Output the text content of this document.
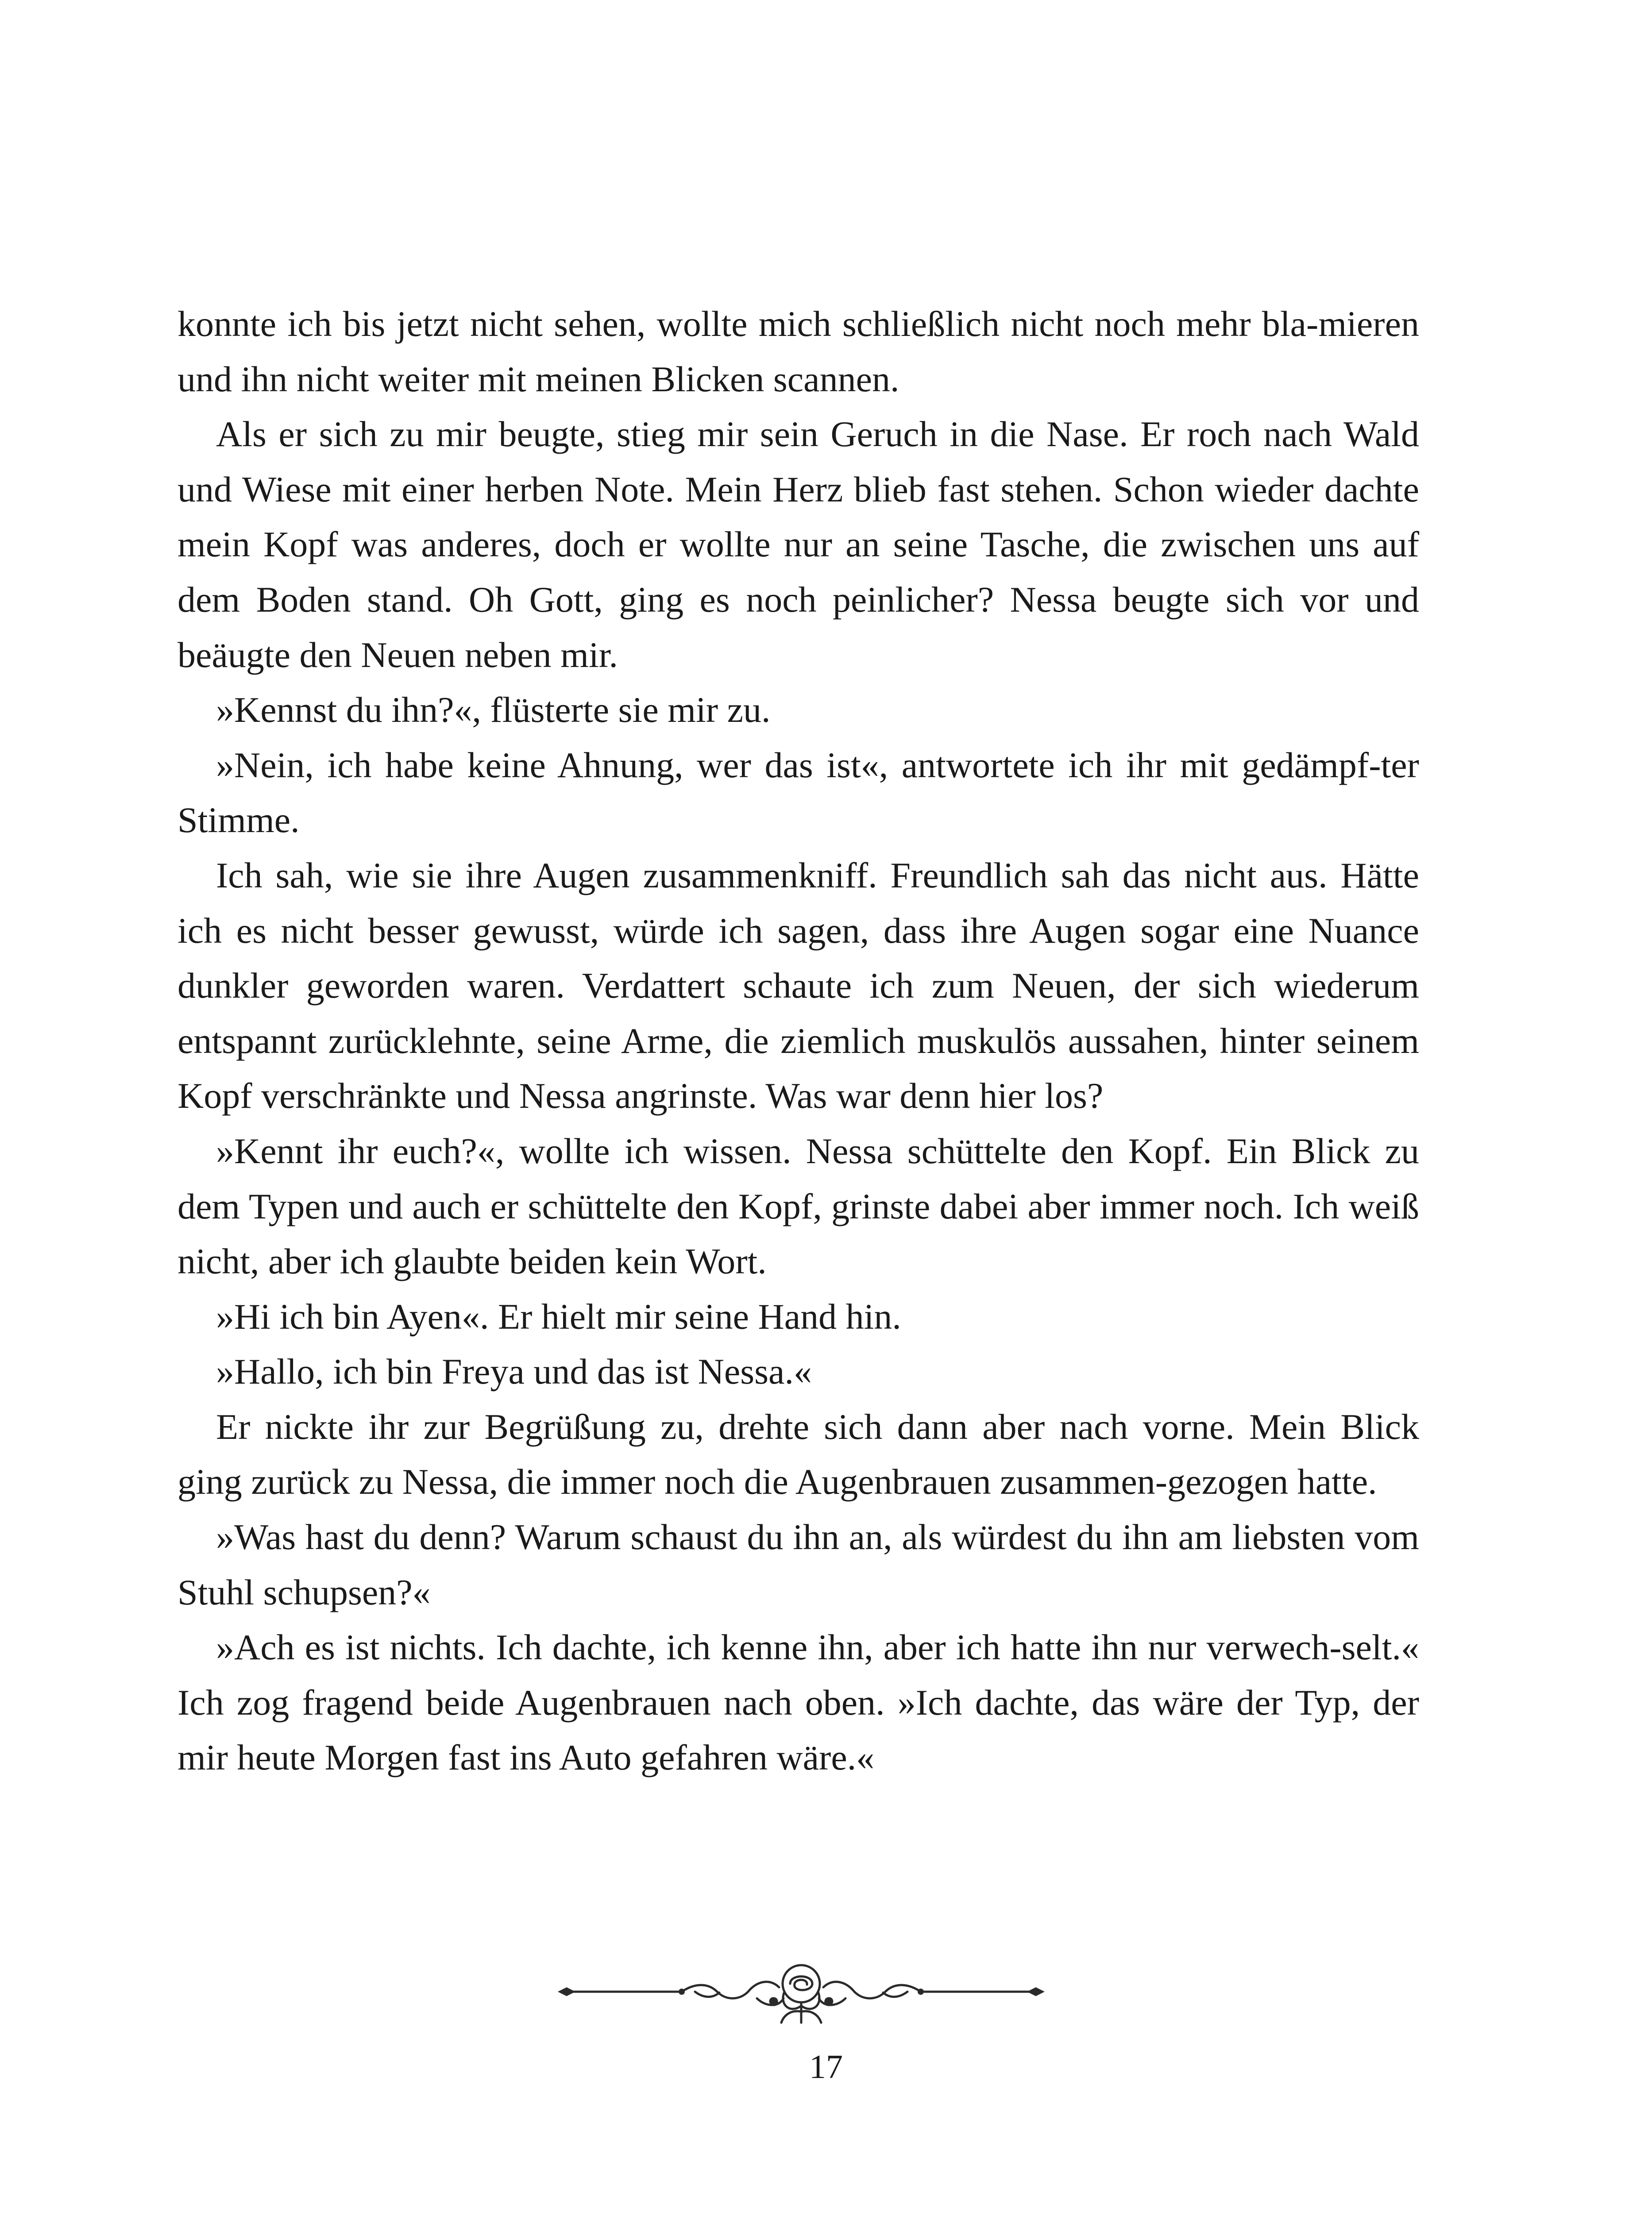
konnte ich bis jetzt nicht sehen, wollte mich schließlich nicht noch mehr bla-mieren und ihn nicht weiter mit meinen Blicken scannen.

Als er sich zu mir beugte, stieg mir sein Geruch in die Nase. Er roch nach Wald und Wiese mit einer herben Note. Mein Herz blieb fast stehen. Schon wieder dachte mein Kopf was anderes, doch er wollte nur an seine Tasche, die zwischen uns auf dem Boden stand. Oh Gott, ging es noch peinlicher? Nessa beugte sich vor und beäugte den Neuen neben mir.

»Kennst du ihn?«, flüsterte sie mir zu.

»Nein, ich habe keine Ahnung, wer das ist«, antwortete ich ihr mit gedämpf-ter Stimme.

Ich sah, wie sie ihre Augen zusammenkniff. Freundlich sah das nicht aus. Hätte ich es nicht besser gewusst, würde ich sagen, dass ihre Augen sogar eine Nuance dunkler geworden waren. Verdattert schaute ich zum Neuen, der sich wiederum entspannt zurücklehnte, seine Arme, die ziemlich muskulös aussahen, hinter seinem Kopf verschränkte und Nessa angrinste. Was war denn hier los?

»Kennt ihr euch?«, wollte ich wissen. Nessa schüttelte den Kopf. Ein Blick zu dem Typen und auch er schüttelte den Kopf, grinste dabei aber immer noch. Ich weiß nicht, aber ich glaubte beiden kein Wort.

»Hi ich bin Ayen«. Er hielt mir seine Hand hin.

»Hallo, ich bin Freya und das ist Nessa.«

Er nickte ihr zur Begrüßung zu, drehte sich dann aber nach vorne. Mein Blick ging zurück zu Nessa, die immer noch die Augenbrauen zusammen-gezogen hatte.

»Was hast du denn? Warum schaust du ihn an, als würdest du ihn am liebsten vom Stuhl schupsen?«

»Ach es ist nichts. Ich dachte, ich kenne ihn, aber ich hatte ihn nur verwech-selt.« Ich zog fragend beide Augenbrauen nach oben. »Ich dachte, das wäre der Typ, der mir heute Morgen fast ins Auto gefahren wäre.«

17
